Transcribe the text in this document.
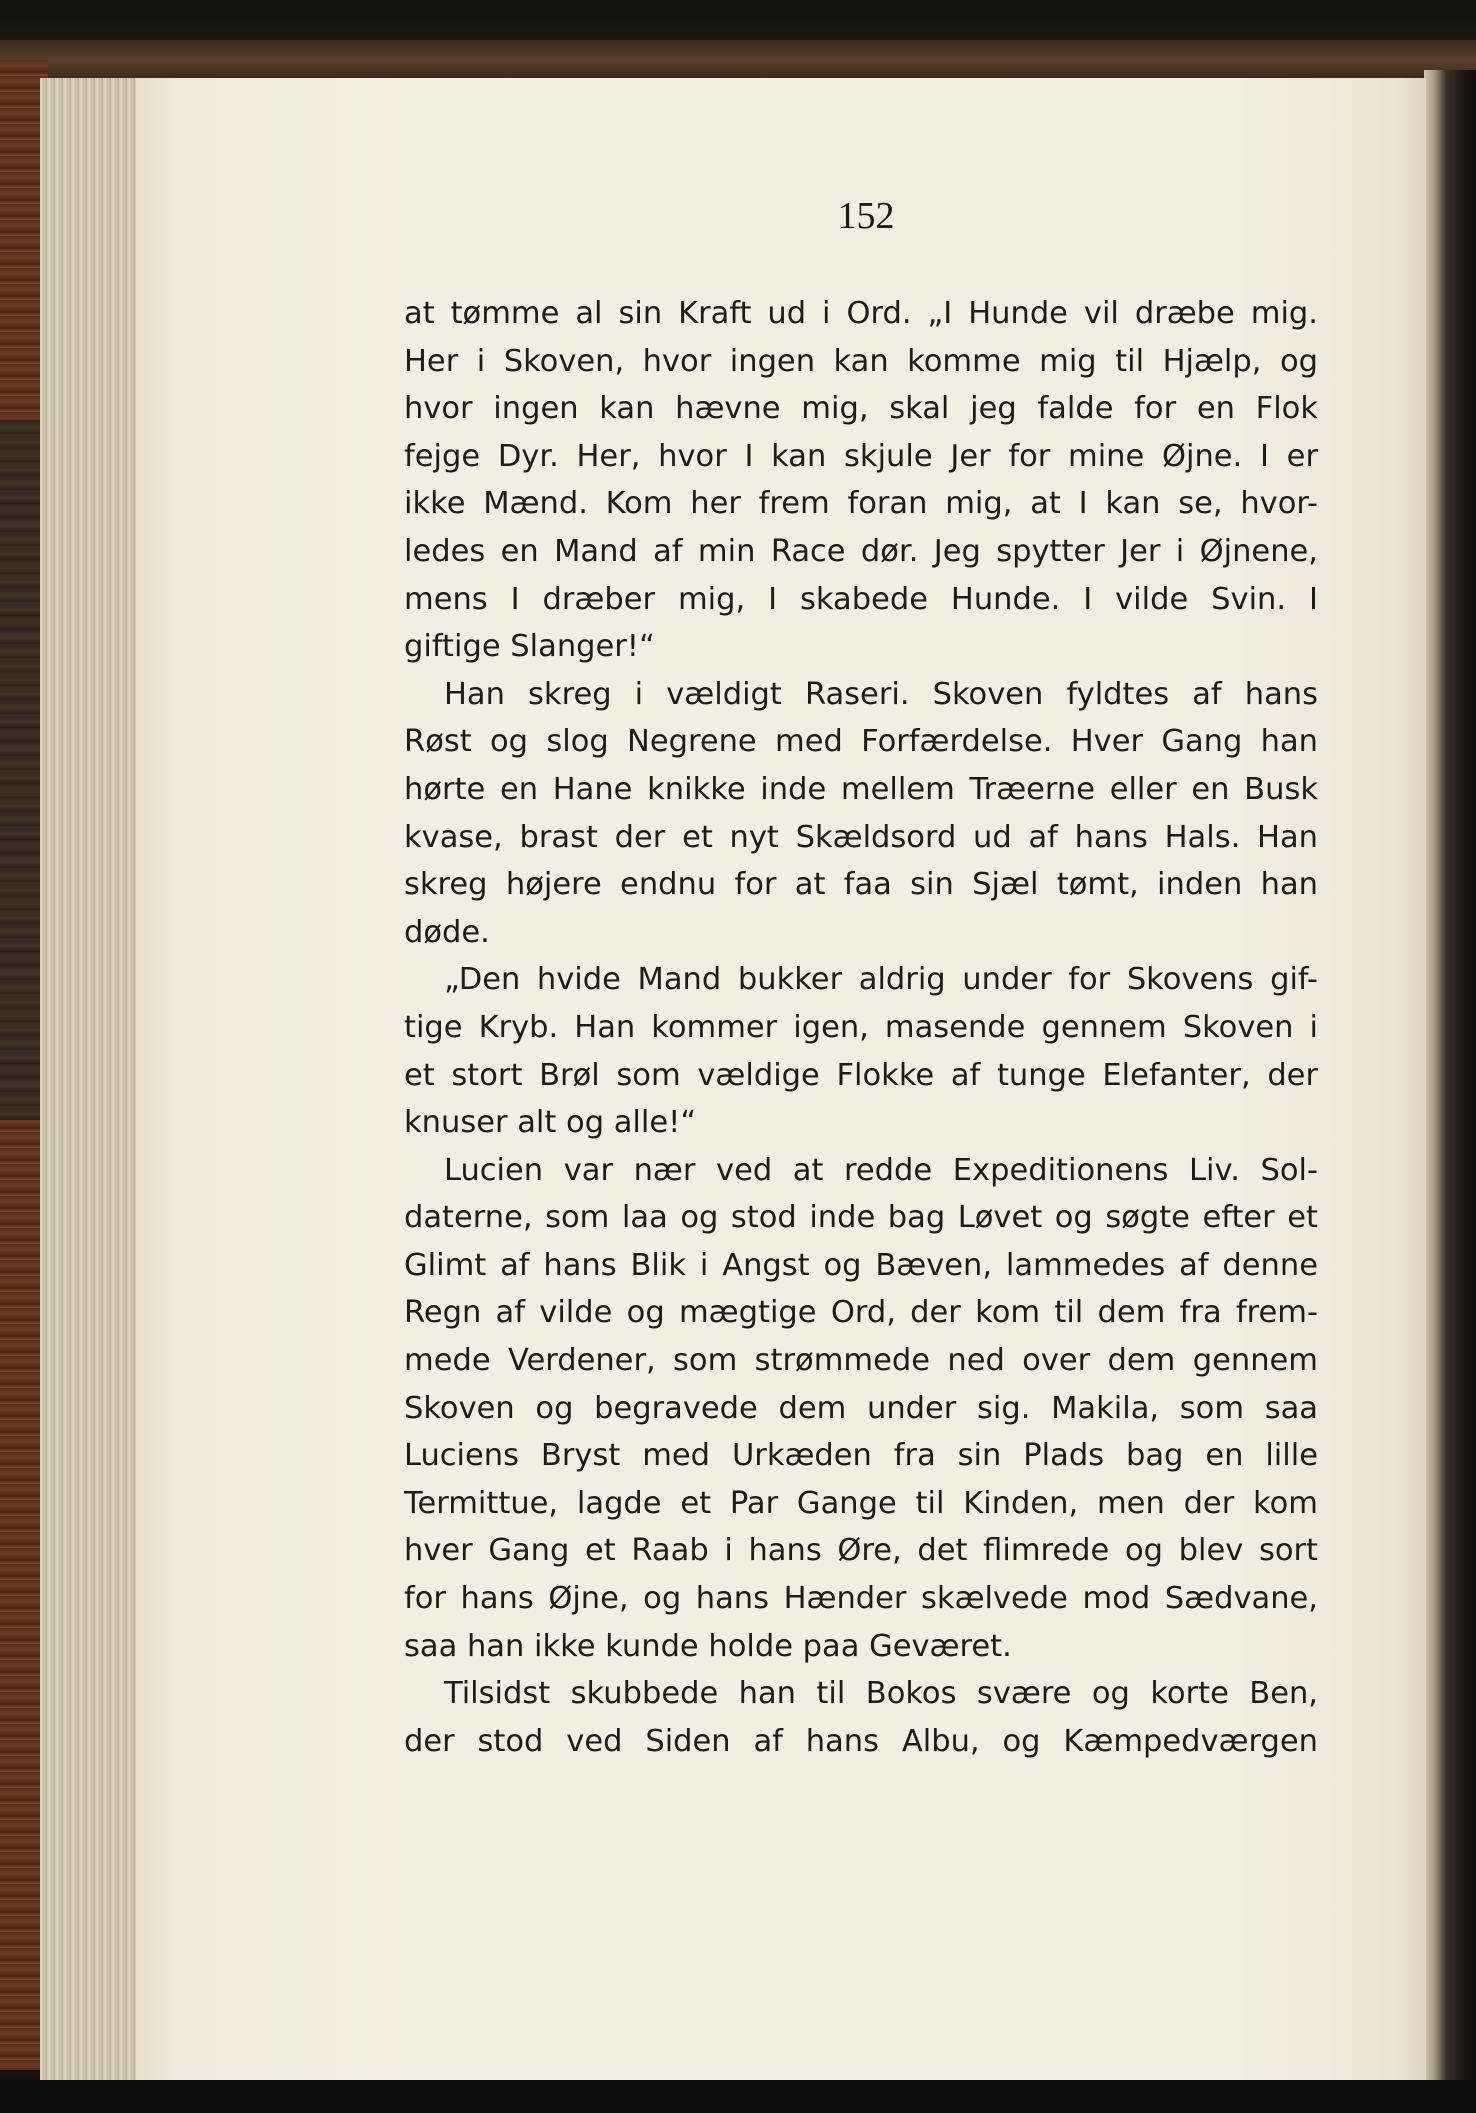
152
at tømme al sin Kraft ud i Ord. „I Hunde vil dræbe mig.
Her i Skoven, hvor ingen kan komme mig til Hjælp, og
hvor ingen kan hævne mig, skal jeg falde for en Flok
fejge Dyr. Her, hvor I kan skjule Jer for mine Øjne. I er
ikke Mænd. Kom her frem foran mig, at I kan se, hvor-
ledes en Mand af min Race dør. Jeg spytter Jer i Øjnene,
mens I dræber mig, I skabede Hunde. I vilde Svin. I
giftige Slanger!“
Han skreg i vældigt Raseri. Skoven fyldtes af hans
Røst og slog Negrene med Forfærdelse. Hver Gang han
hørte en Hane knikke inde mellem Træerne eller en Busk
kvase, brast der et nyt Skældsord ud af hans Hals. Han
skreg højere endnu for at faa sin Sjæl tømt, inden han
døde.
„Den hvide Mand bukker aldrig under for Skovens gif-
tige Kryb. Han kommer igen, masende gennem Skoven i
et stort Brøl som vældige Flokke af tunge Elefanter, der
knuser alt og alle!“
Lucien var nær ved at redde Expeditionens Liv. Sol-
daterne, som laa og stod inde bag Løvet og søgte efter et
Glimt af hans Blik i Angst og Bæven, lammedes af denne
Regn af vilde og mægtige Ord, der kom til dem fra frem-
mede Verdener, som strømmede ned over dem gennem
Skoven og begravede dem under sig. Makila, som saa
Luciens Bryst med Urkæden fra sin Plads bag en lille
Termittue, lagde et Par Gange til Kinden, men der kom
hver Gang et Raab i hans Øre, det flimrede og blev sort
for hans Øjne, og hans Hænder skælvede mod Sædvane,
saa han ikke kunde holde paa Geværet.
Tilsidst skubbede han til Bokos svære og korte Ben,
der stod ved Siden af hans Albu, og Kæmpedværgen
